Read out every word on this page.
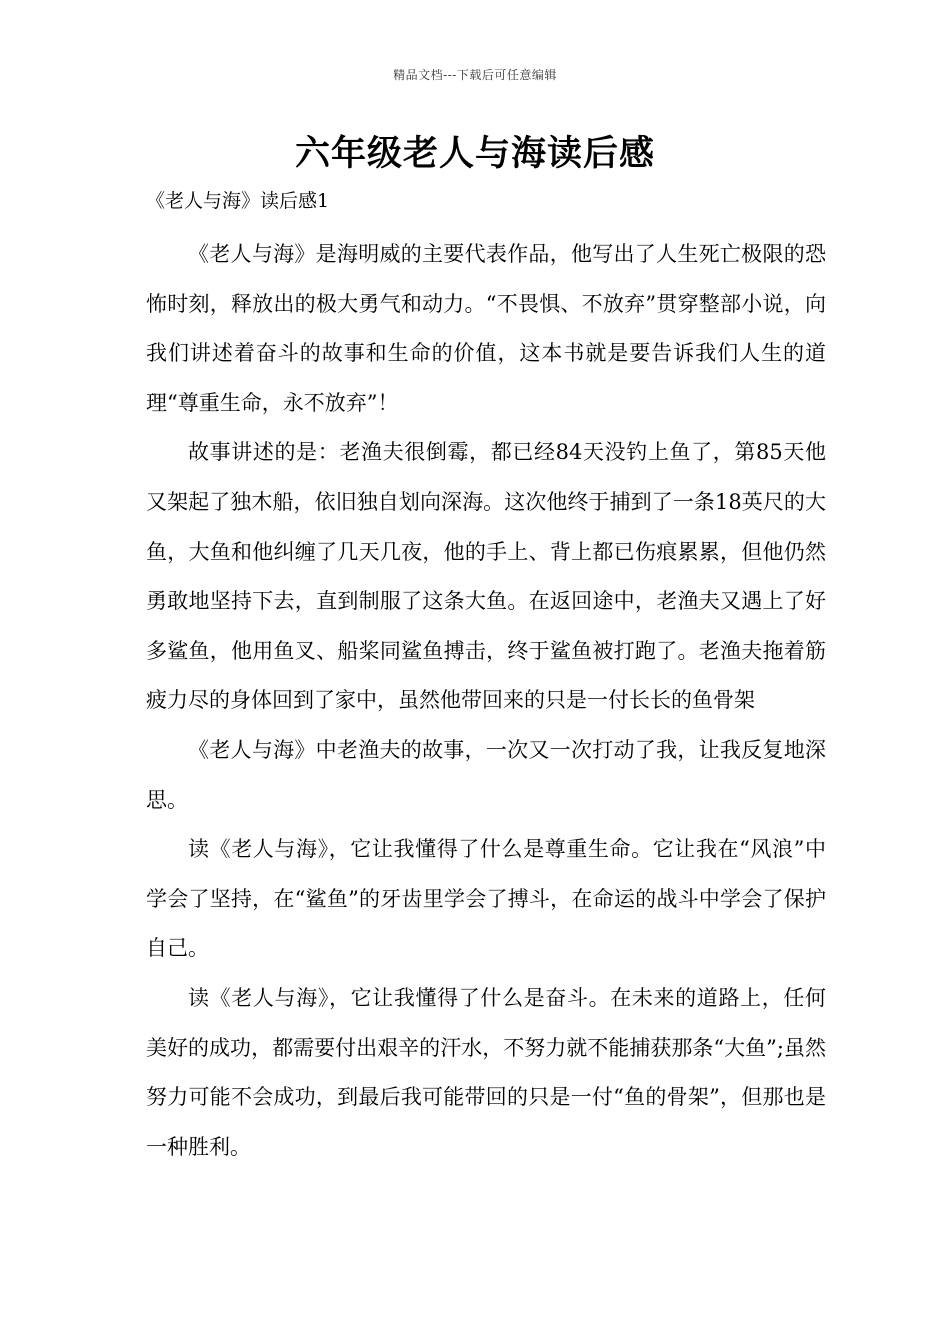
精品文档---下载后可任意编辑
六年级老人与海读后感
《老人与海》读后感1

《老人与海》是海明威的主要代表作品，他写出了人生死亡极限的恐怖时刻，释放出的极大勇气和动力。“不畏惧、不放弃”贯穿整部小说，向我们讲述着奋斗的故事和生命的价值，这本书就是要告诉我们人生的道理“尊重生命，永不放弃”！

故事讲述的是：老渔夫很倒霉，都已经84天没钓上鱼了，第85天他又架起了独木船，依旧独自划向深海。这次他终于捕到了一条18英尺的大鱼，大鱼和他纠缠了几天几夜，他的手上、背上都已伤痕累累，但他仍然勇敢地坚持下去，直到制服了这条大鱼。在返回途中，老渔夫又遇上了好多鲨鱼，他用鱼叉、船桨同鲨鱼搏击，终于鲨鱼被打跑了。老渔夫拖着筋疲力尽的身体回到了家中，虽然他带回来的只是一付长长的鱼骨架

《老人与海》中老渔夫的故事，一次又一次打动了我，让我反复地深思。

读《老人与海》，它让我懂得了什么是尊重生命。它让我在“风浪”中学会了坚持，在“鲨鱼”的牙齿里学会了搏斗，在命运的战斗中学会了保护自己。

读《老人与海》，它让我懂得了什么是奋斗。在未来的道路上，任何美好的成功，都需要付出艰辛的汗水，不努力就不能捕获那条“大鱼”;虽然努力可能不会成功，到最后我可能带回的只是一付“鱼的骨架”，但那也是一种胜利。
